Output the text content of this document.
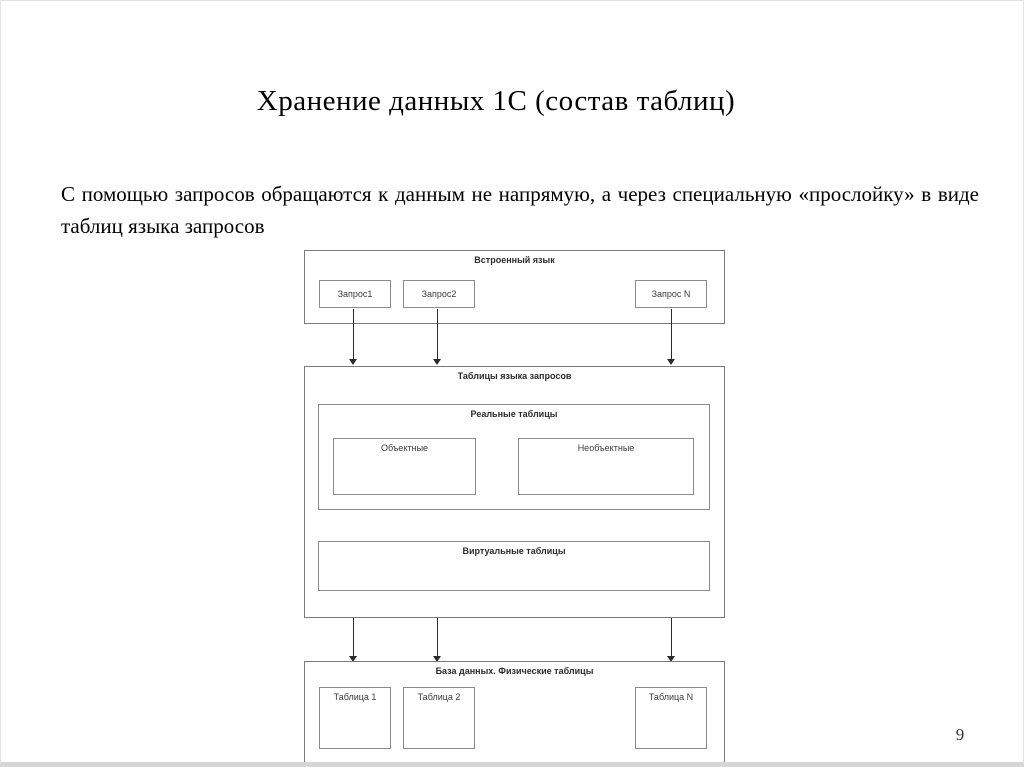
Хранение данных 1С (состав таблиц)

С помощью запросов обращаются к данным не напрямую, а через специальную «прослойку» в виде таблиц языка запросов

Встроенный язык
Запрос1	Запрос2	Запрос N
Таблицы языка запросов
Реальные таблицы
Объектные	Необъектные
Виртуальные таблицы
База данных. Физические таблицы
Таблица 1	Таблица 2	Таблица N
9
